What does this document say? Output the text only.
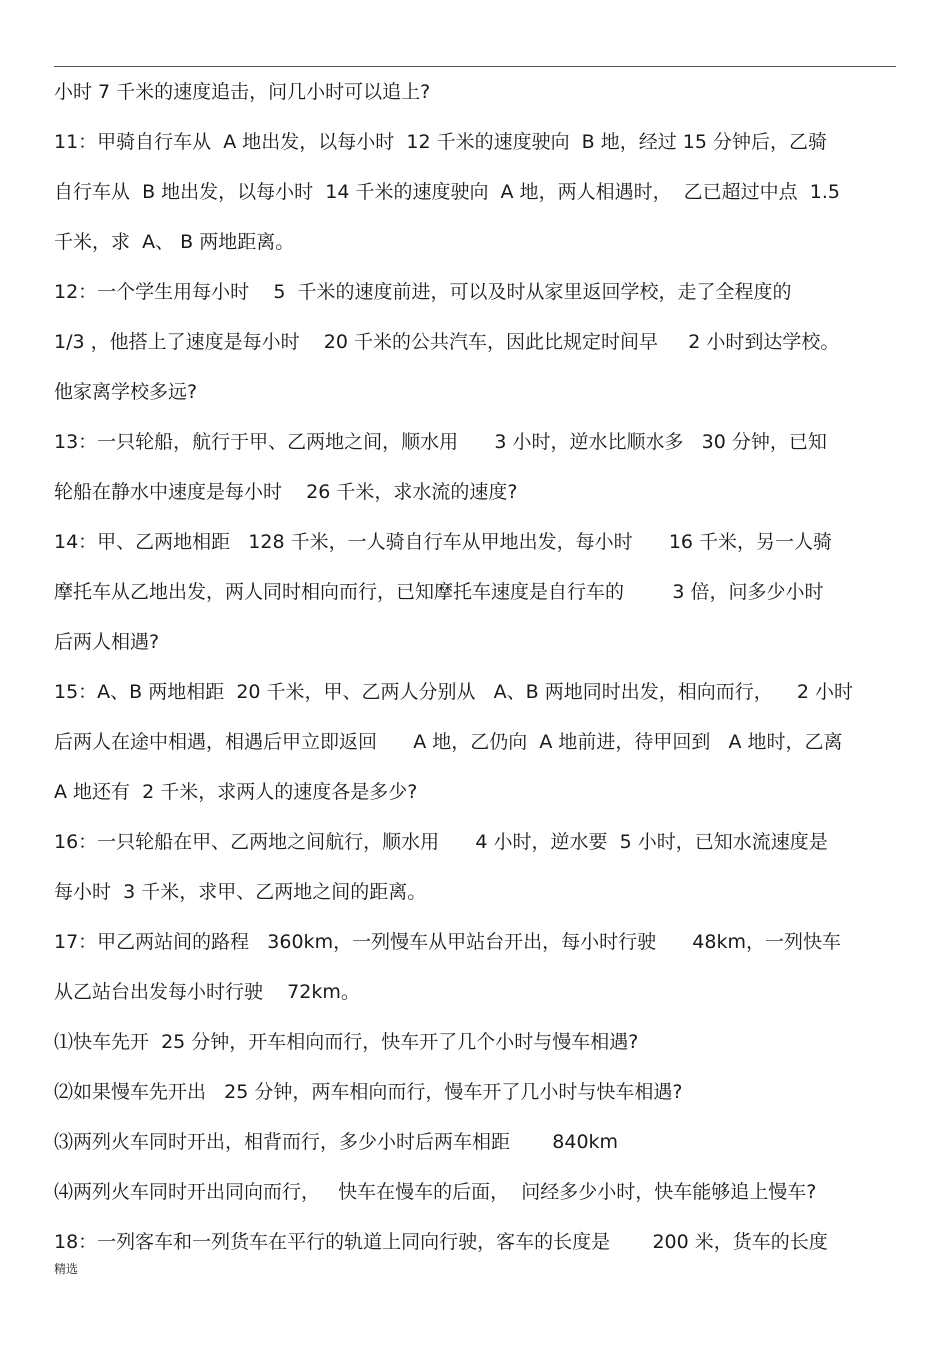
小时 7 千米的速度追击，问几小时可以追上?
11：甲骑自行车从  A 地出发，以每小时  12 千米的速度驶向  B 地，经过 15 分钟后，乙骑
自行车从  B 地出发，以每小时  14 千米的速度驶向  A 地，两人相遇时，  乙已超过中点  1.5
千米，求  A、 B 两地距离。
12：一个学生用每小时    5  千米的速度前进，可以及时从家里返回学校，走了全程度的
1/3 ，他搭上了速度是每小时    20 千米的公共汽车，因此比规定时间早     2 小时到达学校。
他家离学校多远?
13：一只轮船，航行于甲、乙两地之间，顺水用      3 小时，逆水比顺水多   30 分钟，已知
轮船在静水中速度是每小时    26 千米，求水流的速度?
14：甲、乙两地相距   128 千米，一人骑自行车从甲地出发，每小时      16 千米，另一人骑
摩托车从乙地出发，两人同时相向而行，已知摩托车速度是自行车的        3 倍，问多少小时
后两人相遇?
15：A、B 两地相距  20 千米，甲、乙两人分别从   A、B 两地同时出发，相向而行，    2 小时
后两人在途中相遇，相遇后甲立即返回      A 地，乙仍向  A 地前进，待甲回到   A 地时，乙离
A 地还有  2 千米，求两人的速度各是多少?
16：一只轮船在甲、乙两地之间航行，顺水用      4 小时，逆水要  5 小时，已知水流速度是
每小时  3 千米，求甲、乙两地之间的距离。
17：甲乙两站间的路程   360km，一列慢车从甲站台开出，每小时行驶      48km，一列快车
从乙站台出发每小时行驶    72km。
⑴快车先开  25 分钟，开车相向而行，快车开了几个小时与慢车相遇?
⑵如果慢车先开出   25 分钟，两车相向而行，慢车开了几小时与快车相遇?
⑶两列火车同时开出，相背而行，多少小时后两车相距       840km
⑷两列火车同时开出同向而行，   快车在慢车的后面，  问经多少小时，快车能够追上慢车?
18：一列客车和一列货车在平行的轨道上同向行驶，客车的长度是       200 米，货车的长度
精选
